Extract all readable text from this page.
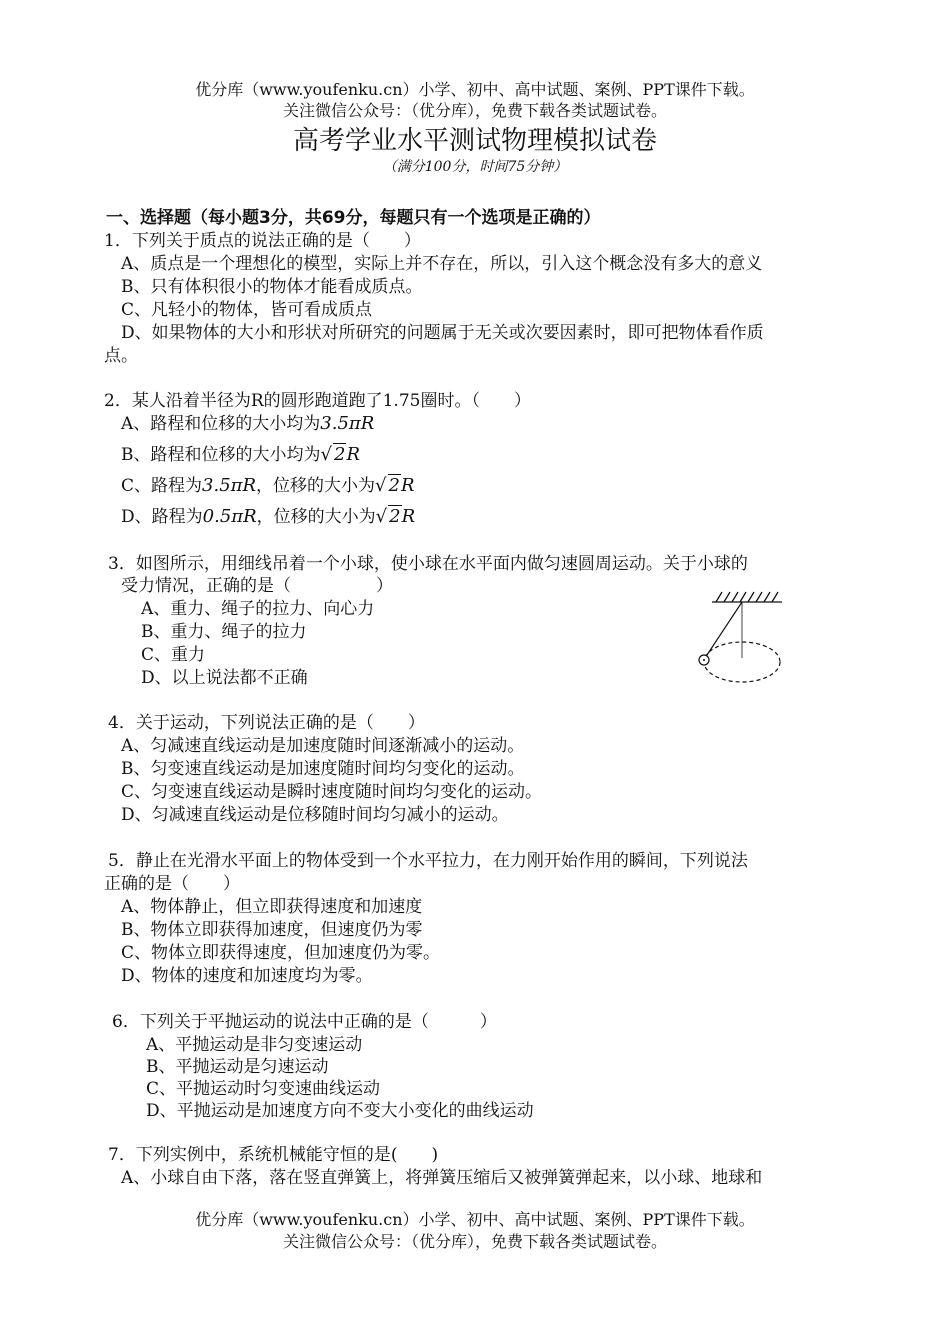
优分库（www.youfenku.cn）小学、初中、高中试题、案例、PPT课件下载。
关注微信公众号：（优分库），免费下载各类试题试卷。
高考学业水平测试物理模拟试卷
（满分100分，时间75分钟）
一、选择题（每小题3分，共69分，每题只有一个选项是正确的）
1．下列关于质点的说法正确的是（　　）
A、质点是一个理想化的模型，实际上并不存在，所以，引入这个概念没有多大的意义
B、只有体积很小的物体才能看成质点。
C、凡轻小的物体，皆可看成质点
D、如果物体的大小和形状对所研究的问题属于无关或次要因素时，即可把物体看作质
点。
2．某人沿着半径为R的圆形跑道跑了1.75圈时。（　　）
A、路程和位移的大小均为3.5πR
B、路程和位移的大小均为√ 2R
C、路程为3.5πR，位移的大小为√ 2R
D、路程为0.5πR，位移的大小为√ 2R
3．如图所示，用细线吊着一个小球，使小球在水平面内做匀速圆周运动。关于小球的
受力情况，正确的是（　　　　　）
A、重力、绳子的拉力、向心力
B、重力、绳子的拉力
C、重力
D、以上说法都不正确
4．关于运动，下列说法正确的是（　　）
A、匀减速直线运动是加速度随时间逐渐减小的运动。
B、匀变速直线运动是加速度随时间均匀变化的运动。
C、匀变速直线运动是瞬时速度随时间均匀变化的运动。
D、匀减速直线运动是位移随时间均匀减小的运动。
5．静止在光滑水平面上的物体受到一个水平拉力，在力刚开始作用的瞬间，下列说法
正确的是（　　）
A、物体静止，但立即获得速度和加速度
B、物体立即获得加速度，但速度仍为零
C、物体立即获得速度，但加速度仍为零。
D、物体的速度和加速度均为零。
6．下列关于平抛运动的说法中正确的是（　　　）
A、平抛运动是非匀变速运动
B、平抛运动是匀速运动
C、平抛运动时匀变速曲线运动
D、平抛运动是加速度方向不变大小变化的曲线运动
7．下列实例中，系统机械能守恒的是(　　)
A、小球自由下落，落在竖直弹簧上，将弹簧压缩后又被弹簧弹起来，以小球、地球和
优分库（www.youfenku.cn）小学、初中、高中试题、案例、PPT课件下载。
关注微信公众号：（优分库），免费下载各类试题试卷。
